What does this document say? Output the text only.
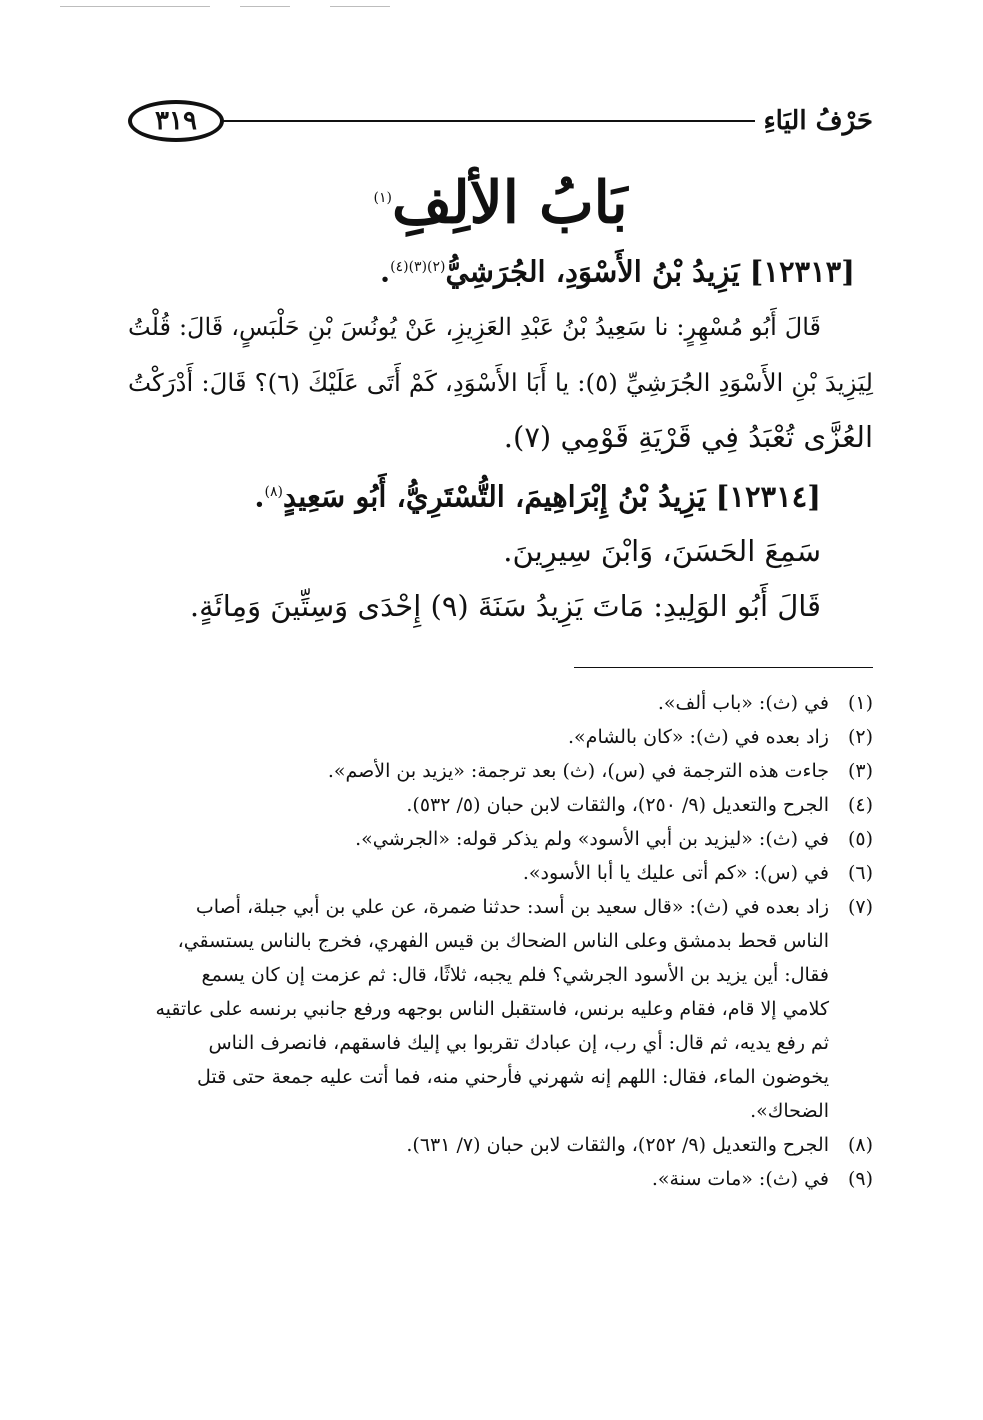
حَرْفُ اليَاءِ
٣١٩
بَابُ الألِفِ$^{(١)}$
[١٢٣١٣] يَزِيدُ بْنُ الأَسْوَدِ، الجُرَشِيُّ$^{(٢)(٣)(٤)}$.
قَالَ أَبُو مُسْهِرٍ: نا سَعِيدُ بْنُ عَبْدِ العَزِيزِ، عَنْ يُونُسَ بْنِ حَلْبَسٍ، قَالَ: قُلْتُ
لِيَزِيدَ بْنِ الأَسْوَدِ الجُرَشِيِّ (٥): يا أَبَا الأَسْوَدِ، كَمْ أَتَى عَلَيْكَ (٦)؟ قَالَ: أَدْرَكْتُ
العُزَّى تُعْبَدُ فِي قَرْيَةِ قَوْمِي (٧).
[١٢٣١٤] يَزِيدُ بْنُ إِبْرَاهِيمَ، التُّسْتَرِيُّ، أَبُو سَعِيدٍ$^{(٨)}$.
سَمِعَ الحَسَنَ، وَابْنَ سِيرِينَ.
قَالَ أَبُو الوَلِيدِ: مَاتَ يَزِيدُ سَنَةَ (٩) إِحْدَى وَسِتِّينَ وَمِائَةٍ.
(١)
في (ث): «باب ألف».
(٢)
زاد بعده في (ث): «كان بالشام».
(٣)
جاءت هذه الترجمة في (س)، (ث) بعد ترجمة: «يزيد بن الأصم».
(٤)
الجرح والتعديل (٩/ ٢٥٠)، والثقات لابن حبان (٥/ ٥٣٢).
(٥)
في (ث): «ليزيد بن أبي الأسود» ولم يذكر قوله: «الجرشي».
(٦)
في (س): «كم أتى عليك يا أبا الأسود».
(٧)
زاد بعده في (ث): «قال سعيد بن أسد: حدثنا ضمرة، عن علي بن أبي جبلة، أصاب
الناس قحط بدمشق وعلى الناس الضحاك بن قيس الفهري، فخرج بالناس يستسقي،
فقال: أين يزيد بن الأسود الجرشي؟ فلم يجبه، ثلاثًا، قال: ثم عزمت إن كان يسمع
كلامي إلا قام، فقام وعليه برنس، فاستقبل الناس بوجهه ورفع جانبي برنسه على عاتقيه
ثم رفع يديه، ثم قال: أي رب، إن عبادك تقربوا بي إليك فاسقهم، فانصرف الناس
يخوضون الماء، فقال: اللهم إنه شهرني فأرحني منه، فما أتت عليه جمعة حتى قتل
الضحاك».
(٨)
الجرح والتعديل (٩/ ٢٥٢)، والثقات لابن حبان (٧/ ٦٣١).
(٩)
في (ث): «مات سنة».
